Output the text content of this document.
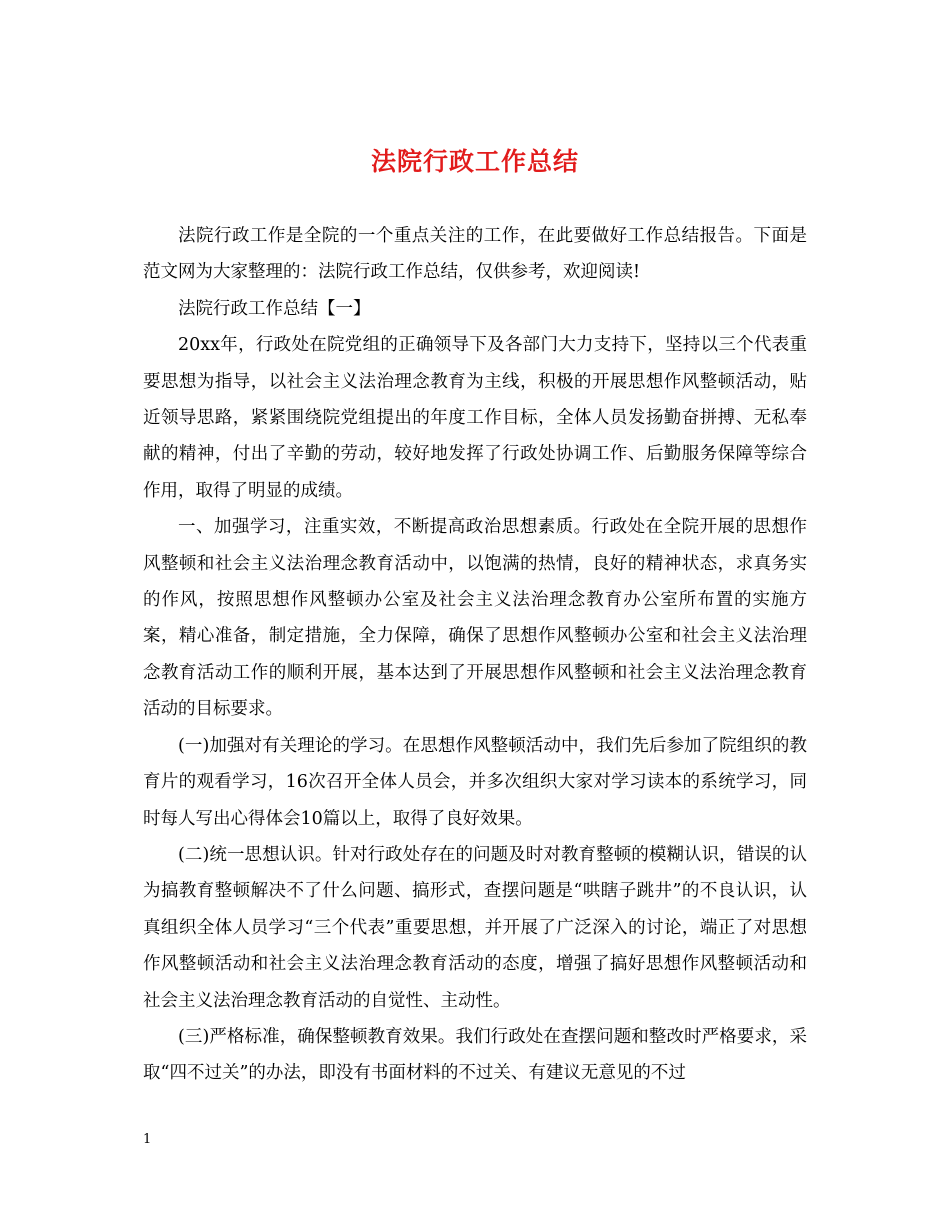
法院行政工作总结

法院行政工作是全院的一个重点关注的工作，在此要做好工作总结报告。下面是范文网为大家整理的：法院行政工作总结，仅供参考，欢迎阅读!

法院行政工作总结【一】

20xx年，行政处在院党组的正确领导下及各部门大力支持下，坚持以三个代表重要思想为指导，以社会主义法治理念教育为主线，积极的开展思想作风整顿活动，贴近领导思路，紧紧围绕院党组提出的年度工作目标，全体人员发扬勤奋拼搏、无私奉献的精神，付出了辛勤的劳动，较好地发挥了行政处协调工作、后勤服务保障等综合作用，取得了明显的成绩。

一、加强学习，注重实效，不断提高政治思想素质。行政处在全院开展的思想作风整顿和社会主义法治理念教育活动中，以饱满的热情，良好的精神状态，求真务实的作风，按照思想作风整顿办公室及社会主义法治理念教育办公室所布置的实施方案，精心准备，制定措施，全力保障，确保了思想作风整顿办公室和社会主义法治理念教育活动工作的顺利开展，基本达到了开展思想作风整顿和社会主义法治理念教育活动的目标要求。

(一)加强对有关理论的学习。在思想作风整顿活动中，我们先后参加了院组织的教育片的观看学习，16次召开全体人员会，并多次组织大家对学习读本的系统学习，同时每人写出心得体会10篇以上，取得了良好效果。

(二)统一思想认识。针对行政处存在的问题及时对教育整顿的模糊认识，错误的认为搞教育整顿解决不了什么问题、搞形式，查摆问题是“哄瞎子跳井”的不良认识，认真组织全体人员学习“三个代表”重要思想，并开展了广泛深入的讨论，端正了对思想作风整顿活动和社会主义法治理念教育活动的态度，增强了搞好思想作风整顿活动和社会主义法治理念教育活动的自觉性、主动性。

(三)严格标准，确保整顿教育效果。我们行政处在查摆问题和整改时严格要求，采取“四不过关”的办法，即没有书面材料的不过关、有建议无意见的不过

1
